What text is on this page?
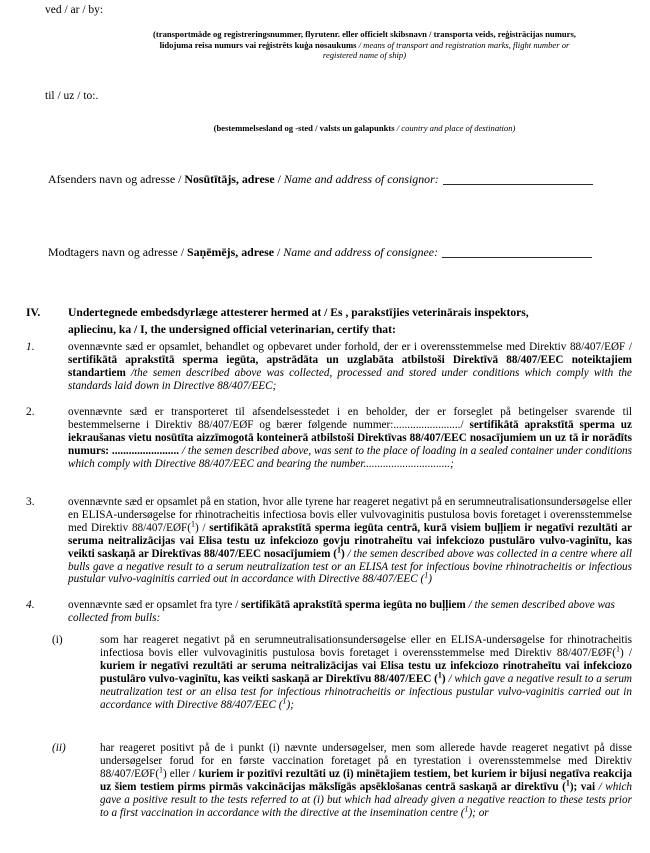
ved / ar / by:
(transportmåde og registreringsnummer, flyrutenr. eller officielt skibsnavn / transporta veids, reģistrācijas numurs,
lidojuma reisa numurs vai reģistrēts kuģa nosaukums / means of transport and registration marks, flight number or
registered name of ship)
til / uz / to:.
(bestemmelsesland og -sted / valsts un galapunkts / country and place of destination)
Afsenders navn og adresse / Nosūtītājs, adrese / Name and address of consignor:
Modtagers navn og adresse / Saņēmējs, adrese / Name and address of consignee:
IV.	Undertegnede embedsdyrlæge attesterer hermed at / Es , parakstījies veterinārais inspektors,
apliecinu, ka / I, the undersigned official veterinarian, certify that:
1.	ovennævnte sæd er opsamlet, behandlet og opbevaret under forhold, der er i overensstemmelse med Direktiv 88/407/EØF / sertifikātā aprakstītā sperma iegūta, apstrādāta un uzglabāta atbilstoši Direktīvā 88/407/EEC noteiktajiem standartiem /the semen described above was collected, processed and stored under conditions which comply with the standards laid down in Directive 88/407/EEC;
2.	ovennævnte sæd er transporteret til afsendelsesstedet i en beholder, der er forseglet på betingelser svarende til bestemmelserne i Direktiv 88/407/EØF og bærer følgende nummer:......................../ sertifikātā aprakstītā sperma uz iekraušanas vietu nosūtīta aizzīmogotā konteinerā atbilstoši Direktīvas 88/407/EEC nosacījumiem un uz tā ir norādīts numurs: ........................ / the semen described above, was sent to the place of loading in a sealed container under conditions which comply with Directive 88/407/EEC and bearing the number...............................;
3.	ovennævnte sæd er opsamlet på en station, hvor alle tyrene har reageret negativt på en serumneutralisationsundersøgelse eller en ELISA-undersøgelse for rhinotracheitis infectiosa bovis eller vulvovaginitis pustulosa bovis foretaget i overensstemmelse med Direktiv 88/407/EØF($^1$) / sertifikātā aprakstītā sperma iegūta centrā, kurā visiem buļļiem ir negatīvi rezultāti ar seruma neitralizācijas vai Elisa testu uz infekciozo govju rinotraheītu vai infekciozo pustulāro vulvo-vaginītu, kas veikti saskaņā ar Direktīvas 88/407/EEC nosacījumiem ($^1$) / the semen described above was collected in a centre where all bulls gave a negative result to a serum neutralization test or an ELISA test for infectious bovine rhinotracheitis or infectious pustular vulvo-vaginitis carried out in accordance with Directive 88/407/EEC ($^1$)
4.	ovennævnte sæd er opsamlet fra tyre / sertifikātā aprakstītā sperma iegūta no buļļiem / the semen described above was collected from bulls:
(i)	som har reageret negativt på en serumneutralisationsundersøgelse eller en ELISA-undersøgelse for rhinotracheitis infectiosa bovis eller vulvovaginitis pustulosa bovis foretaget i overensstemmelse med Direktiv 88/407/EØF($^1$) / kuriem ir negatīvi rezultāti ar seruma neitralizācijas vai Elisa testu uz infekciozo rinotraheītu vai infekciozo pustulāro vulvo-vaginītu, kas veikti saskaņā ar Direktīvu 88/407/EEC ($^1$) / which gave a negative result to a serum neutralization test or an elisa test for infectious rhinotracheitis or infectious pustular vulvo-vaginitis carried out in accordance with Directive 88/407/EEC ($^1$);
(ii)	har reageret positivt på de i punkt (i) nævnte undersøgelser, men som allerede havde reageret negativt på disse undersøgelser forud for en første vaccination foretaget på en tyrestation i overensstemmelse med Direktiv 88/407/EØF($^1$) eller / kuriem ir pozitīvi rezultāti uz (i) minētajiem testiem, bet kuriem ir bijusi negatīva reakcija uz šiem testiem pirms pirmās vakcinācijas mākslīgās apsēklošanas centrā saskaņā ar direktīvu ($^1$); vai / which gave a positive result to the tests referred to at (i) but which had already given a negative reaction to these tests prior to a first vaccination in accordance with the directive at the insemination centre ($^1$); or
